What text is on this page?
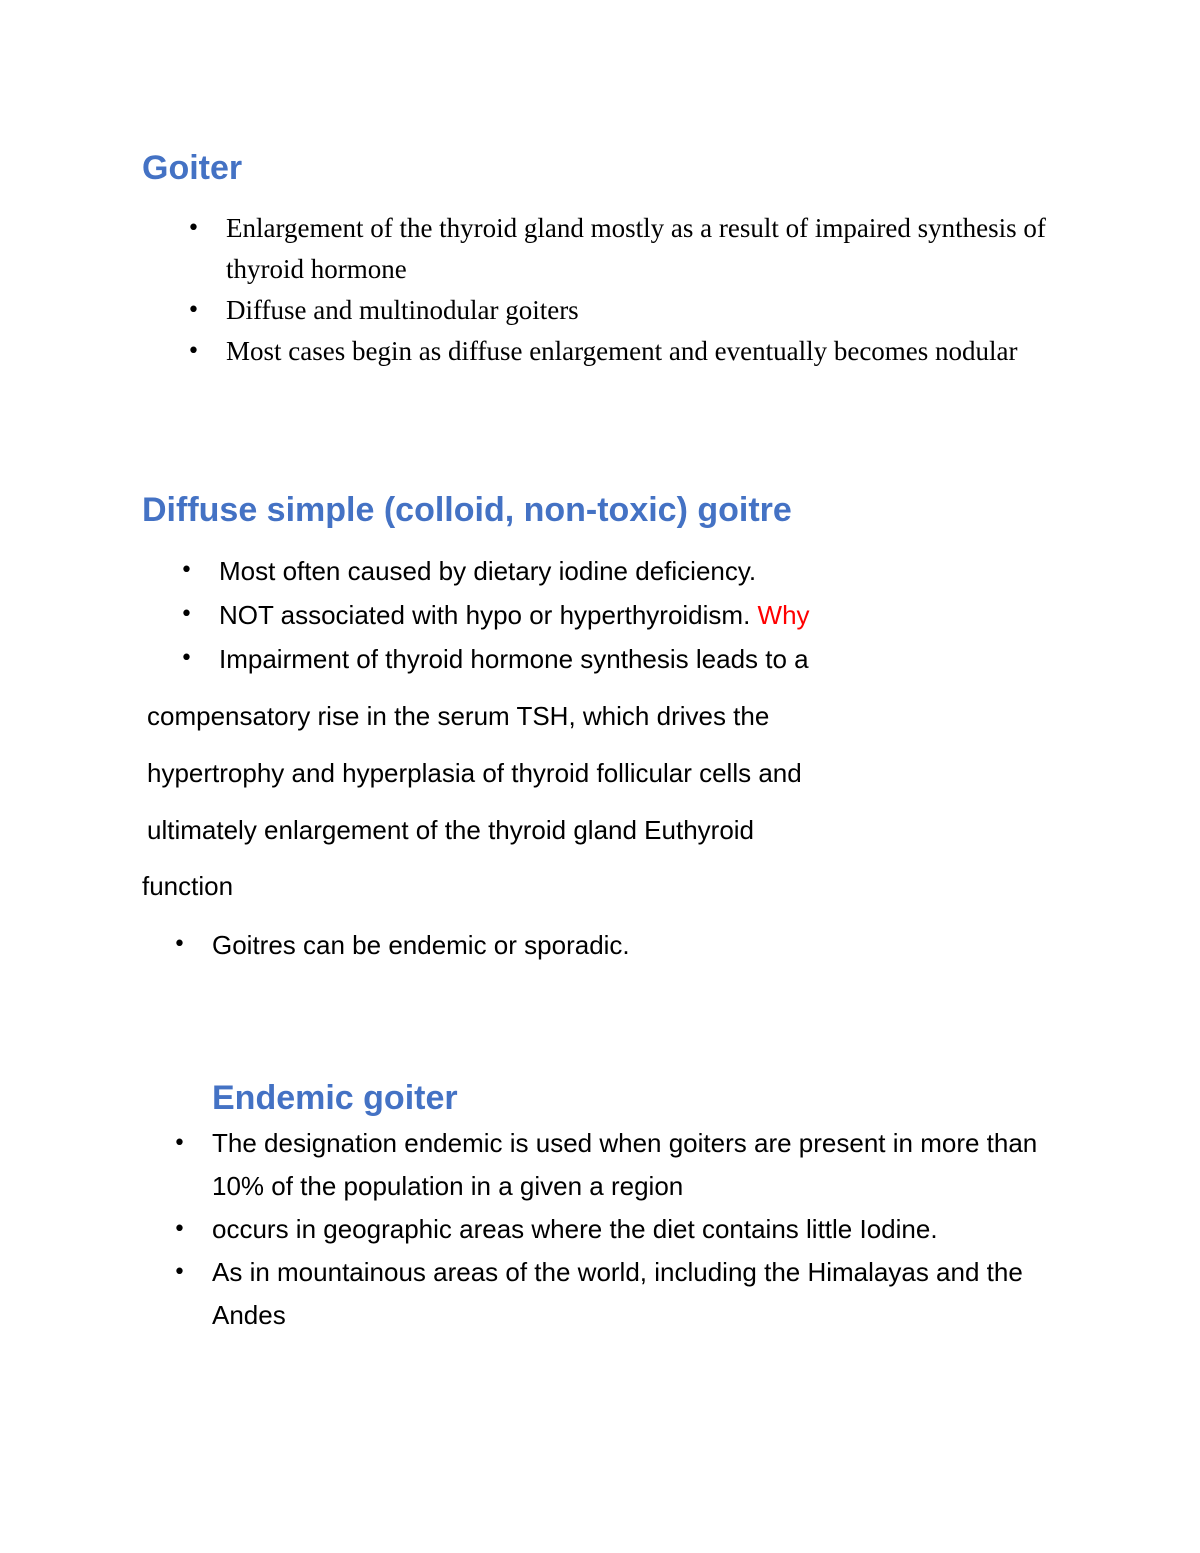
Goiter
• Enlargement of the thyroid gland mostly as a result of impaired synthesis of thyroid hormone
• Diffuse and multinodular goiters
• Most cases begin as diffuse enlargement and eventually becomes nodular
Diffuse simple (colloid, non-toxic) goitre
• Most often caused by dietary iodine deficiency.
• NOT associated with hypo or hyperthyroidism. Why
• Impairment of thyroid hormone synthesis leads to a

compensatory rise in the serum TSH, which drives the

hypertrophy and hyperplasia of thyroid follicular cells and

ultimately enlargement of the thyroid gland Euthyroid

function

• Goitres can be endemic or sporadic.
Endemic goiter
• The designation endemic is used when goiters are present in more than 10% of the population in a given a region
• occurs in geographic areas where the diet contains little Iodine.
• As in mountainous areas of the world, including the Himalayas and the Andes
